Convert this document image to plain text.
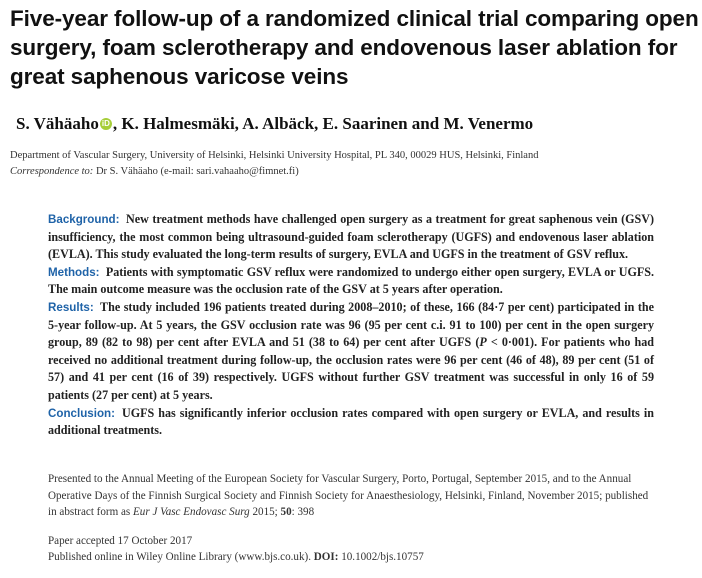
Five-year follow-up of a randomized clinical trial comparing open surgery, foam sclerotherapy and endovenous laser ablation for great saphenous varicose veins
S. Vähäaho iD , K. Halmesmäki, A. Albäck, E. Saarinen and M. Venermo
Department of Vascular Surgery, University of Helsinki, Helsinki University Hospital, PL 340, 00029 HUS, Helsinki, Finland
Correspondence to: Dr S. Vähäaho (e-mail: sari.vahaaho@fimnet.fi)

Background: New treatment methods have challenged open surgery as a treatment for great saphenous vein (GSV) insufficiency, the most common being ultrasound-guided foam sclerotherapy (UGFS) and endovenous laser ablation (EVLA). This study evaluated the long-term results of surgery, EVLA and UGFS in the treatment of GSV reflux.

Methods: Patients with symptomatic GSV reflux were randomized to undergo either open surgery, EVLA or UGFS. The main outcome measure was the occlusion rate of the GSV at 5 years after operation.

Results: The study included 196 patients treated during 2008–2010; of these, 166 (84·7 per cent) participated in the 5-year follow-up. At 5 years, the GSV occlusion rate was 96 (95 per cent c.i. 91 to 100) per cent in the open surgery group, 89 (82 to 98) per cent after EVLA and 51 (38 to 64) per cent after UGFS (P < 0·001). For patients who had received no additional treatment during follow-up, the occlusion rates were 96 per cent (46 of 48), 89 per cent (51 of 57) and 41 per cent (16 of 39) respectively. UGFS without further GSV treatment was successful in only 16 of 59 patients (27 per cent) at 5 years.

Conclusion: UGFS has significantly inferior occlusion rates compared with open surgery or EVLA, and results in additional treatments.

Presented to the Annual Meeting of the European Society for Vascular Surgery, Porto, Portugal, September 2015, and to the Annual Operative Days of the Finnish Surgical Society and Finnish Society for Anaesthesiology, Helsinki, Finland, November 2015; published in abstract form as Eur J Vasc Endovasc Surg 2015; 50: 398

Paper accepted 17 October 2017

Published online in Wiley Online Library (www.bjs.co.uk). DOI: 10.1002/bjs.10757
